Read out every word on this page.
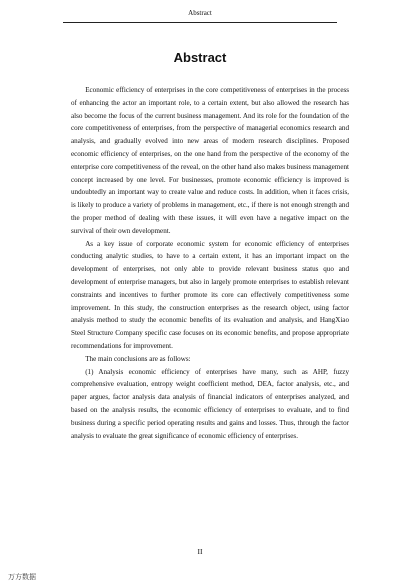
Abstract
Abstract

Economic efficiency of enterprises in the core competitiveness of enterprises in the process of enhancing the actor an important role, to a certain extent, but also allowed the research has also become the focus of the current business management. And its role for the foundation of the core competitiveness of enterprises, from the perspective of managerial economics research and analysis, and gradually evolved into new areas of modern research disciplines. Proposed economic efficiency of enterprises, on the one hand from the perspective of the economy of the enterprise core competitiveness of the reveal, on the other hand also makes business management concept increased by one level. For businesses, promote economic efficiency is improved is undoubtedly an important way to create value and reduce costs. In addition, when it faces crisis, is likely to produce a variety of problems in management, etc., if there is not enough strength and the proper method of dealing with these issues, it will even have a negative impact on the survival of their own development.

As a key issue of corporate economic system for economic efficiency of enterprises conducting analytic studies, to have to a certain extent, it has an important impact on the development of enterprises, not only able to provide relevant business status quo and development of enterprise managers, but also in largely promote enterprises to establish relevant constraints and incentives to further promote its core can effectively competitiveness some improvement. In this study, the construction enterprises as the research object, using factor analysis method to study the economic benefits of its evaluation and analysis, and HangXiao Steel Structure Company specific case focuses on its economic benefits, and propose appropriate recommendations for improvement.

The main conclusions are as follows:

(1) Analysis economic efficiency of enterprises have many, such as AHP, fuzzy comprehensive evaluation, entropy weight coefficient method, DEA, factor analysis, etc., and paper argues, factor analysis data analysis of financial indicators of enterprises analyzed, and based on the analysis results, the economic efficiency of enterprises to evaluate, and to find business during a specific period operating results and gains and losses. Thus, through the factor analysis to evaluate the great significance of economic efficiency of enterprises.

II
万方数据
